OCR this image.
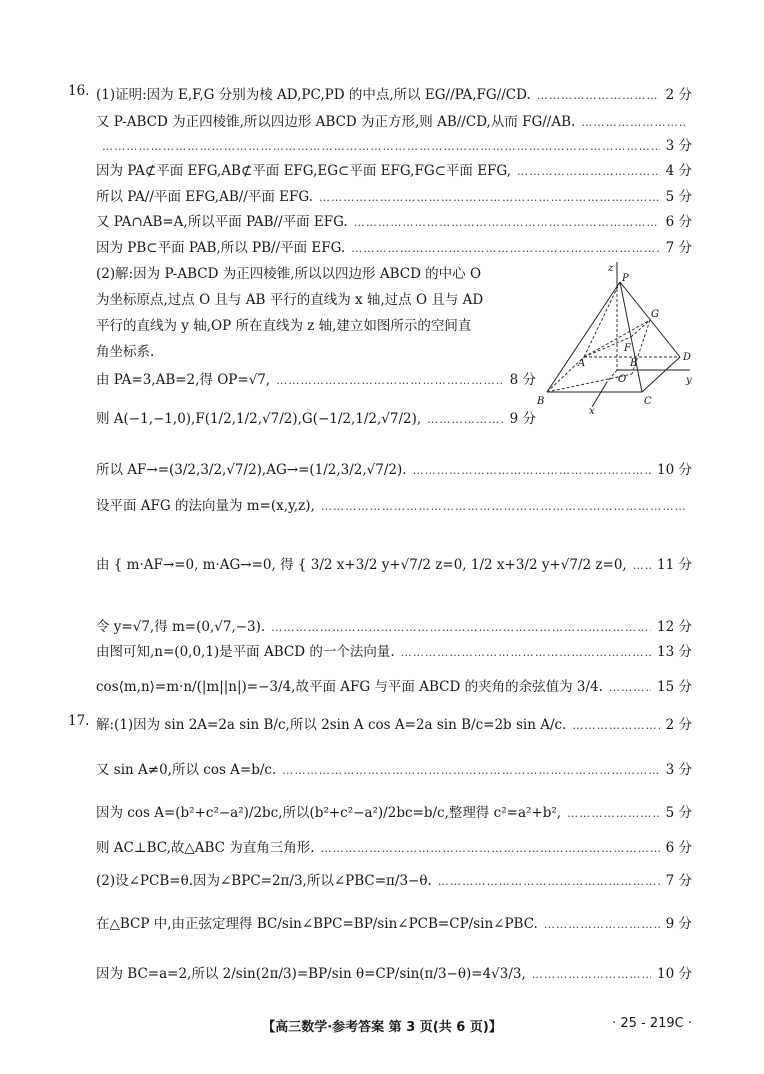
16. (1)证明:因为 E,F,G 分别为棱 AD,PC,PD 的中点,所以 EG//PA,FG//CD. ……………………………………………………………………………………………………………………………………………………………………………………	2 分
又 P-ABCD 为正四棱锥,所以四边形 ABCD 为正方形,则 AB//CD,从而 FG//AB.
……………………………………………………………………………………………………………………………………………………………………………………
……………………………………………………………………………………………………………………………………………………………………………………
3 分
因为 PA⊄平面 EFG,AB⊄平面 EFG,EG⊂平面 EFG,FG⊂平面 EFG, ……………………………………………………………………………………………………………………………………………………………………………………	4 分
所以 PA//平面 EFG,AB//平面 EFG. ……………………………………………………………………………………………………………………………………………………………………………………	5 分
又 PA∩AB=A,所以平面 PAB//平面 EFG. ……………………………………………………………………………………………………………………………………………………………………………………	6 分
因为 PB⊂平面 PAB,所以 PB//平面 EFG. ……………………………………………………………………………………………………………………………………………………………………………………	7 分
(2)解:因为 P-ABCD 为正四棱锥,所以以四边形 ABCD 的中心 O
为坐标原点,过点 O 且与 AB 平行的直线为 x 轴,过点 O 且与 AD
平行的直线为 y 轴,OP 所在直线为 z 轴,建立如图所示的空间直
角坐标系.
由 PA=3,AB=2,得 OP=√7, ……………………………………………………………………………………………………………………………………………………………………………………	8 分
则 A(−1,−1,0),F(1/2,1/2,√7/2),G(−1/2,1/2,√7/2), ……………………………………………………………………………………………………………………………………………………………………………………	9 分
所以 AF→=(3/2,3/2,√7/2),AG→=(1/2,3/2,√7/2). ……………………………………………………………………………………………………………………………………………………………………………………	10 分
设平面 AFG 的法向量为 m=(x,y,z),
……………………………………………………………………………………………………………………………………………………………………………………
由 { m·AF→=0, m·AG→=0, 得 { 3/2 x+3/2 y+√7/2 z=0, 1/2 x+3/2 y+√7/2 z=0, …………………………………………………………………………………………………………………………………………………………………………………… 11 分
令 y=√7,得 m=(0,√7,−3). ……………………………………………………………………………………………………………………………………………………………………………………	12 分
由图可知,n=(0,0,1)是平面 ABCD 的一个法向量. ……………………………………………………………………………………………………………………………………………………………………………………	13 分
cos⟨m,n⟩=m·n/(|m||n|)=−3/4,故平面 AFG 与平面 ABCD 的夹角的余弦值为 3/4. ……………………………………………………………………………………………………………………………………………………………………………………	15 分
z
P
G
F
A	E
D
O	y
B
x
C
17. 解:(1)因为 sin 2A=2a sin B/c,所以 2sin A cos A=2a sin B/c=2b sin A/c. ……………………………………………………………………………………………………………………………………………………………………………………	2 分
又 sin A≠0,所以 cos A=b/c. ……………………………………………………………………………………………………………………………………………………………………………………	3 分
因为 cos A=(b²+c²−a²)/2bc,所以(b²+c²−a²)/2bc=b/c,整理得 c²=a²+b², ……………………………………………………………………………………………………………………………………………………………………………………	5 分
则 AC⊥BC,故△ABC 为直角三角形. ……………………………………………………………………………………………………………………………………………………………………………………	6 分
(2)设∠PCB=θ.因为∠BPC=2π/3,所以∠PBC=π/3−θ. ……………………………………………………………………………………………………………………………………………………………………………………	7 分
在△BCP 中,由正弦定理得 BC/sin∠BPC=BP/sin∠PCB=CP/sin∠PBC. ……………………………………………………………………………………………………………………………………………………………………………………	9 分
因为 BC=a=2,所以 2/sin(2π/3)=BP/sin θ=CP/sin(π/3−θ)=4√3/3, ……………………………………………………………………………………………………………………………………………………………………………………	10 分
【高三数学·参考答案 第 3 页(共 6 页)】	· 25 - 219C ·
